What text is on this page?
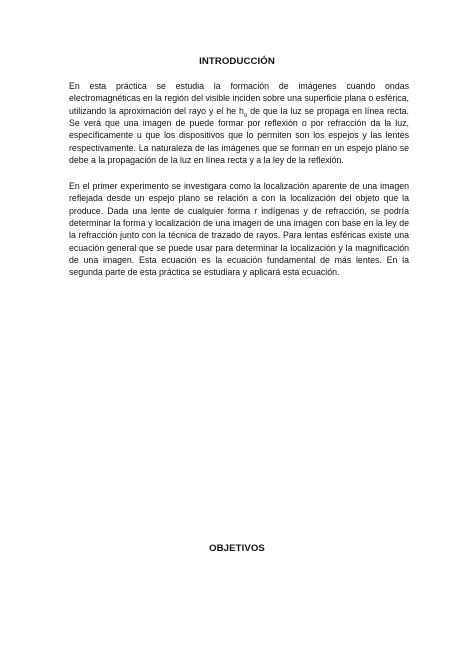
INTRODUCCIÓN

En esta práctica se estudia la formación de imágenes cuando ondas electromagnéticas en la región del visible inciden sobre una superficie plana o esférica, utilizando la aproximación del rayo y el he $h_o$ de que la luz se propaga en línea recta. Se verá que una imagen de puede formar por reflexión o por refracción da la luz, específicamente u que los dispositivos que lo permiten son los espejos y las lentes respectivamente. La naturaleza de las imágenes que se forman en un espejo plano se debe a la propagación de la luz en línea recta y a la ley de la reflexión.

En el primer experimento se investigara como la localización aparente de una imagen reflejada desde un espejo plano se relación a con la localización del objeto que la produce. Dada una lente de cualquier forma r indígenas y de refracción, se podría determinar la forma y localización de una imagen de una imagen con base en la ley de la refracción junto con la técnica de trazado de rayos. Para lentas esféricas existe una ecuación general que se puede usar para determinar la localización y la magnificación de una imagen. Esta ecuación es la ecuación fundamental de más lentes. En la segunda parte de esta práctica se estudiara y aplicará esta ecuación.

OBJETIVOS
